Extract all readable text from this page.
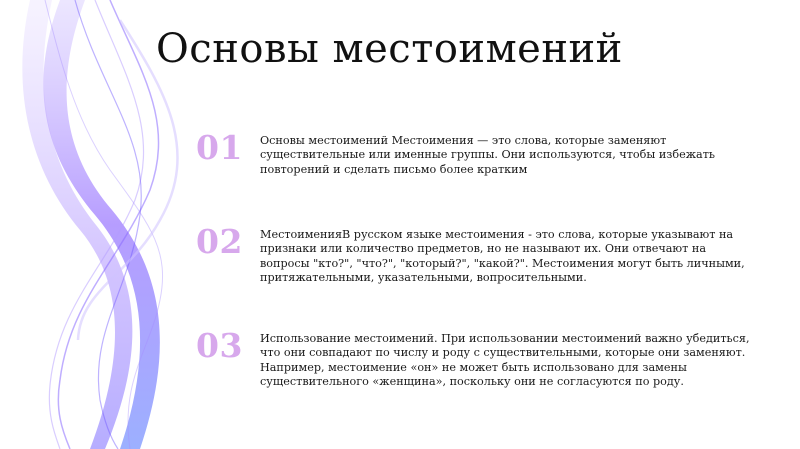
Основы местоимений
01	Основы местоимений Местоимения — это слова, которые заменяют существительные или именные группы. Они используются, чтобы избежать повторений и сделать письмо более кратким
02	МестоименияВ русском языке местоимения - это слова, которые указывают на признаки или количество предметов, но не называют их. Они отвечают на вопросы "кто?", "что?", "который?", "какой?". Местоимения могут быть личными, притяжательными, указательными, вопросительными.
03	Использование местоимений. При использовании местоимений важно убедиться, что они совпадают по числу и роду с существительными, которые они заменяют. Например, местоимение «он» не может быть использовано для замены существительного «женщина», поскольку они не согласуются по роду.
